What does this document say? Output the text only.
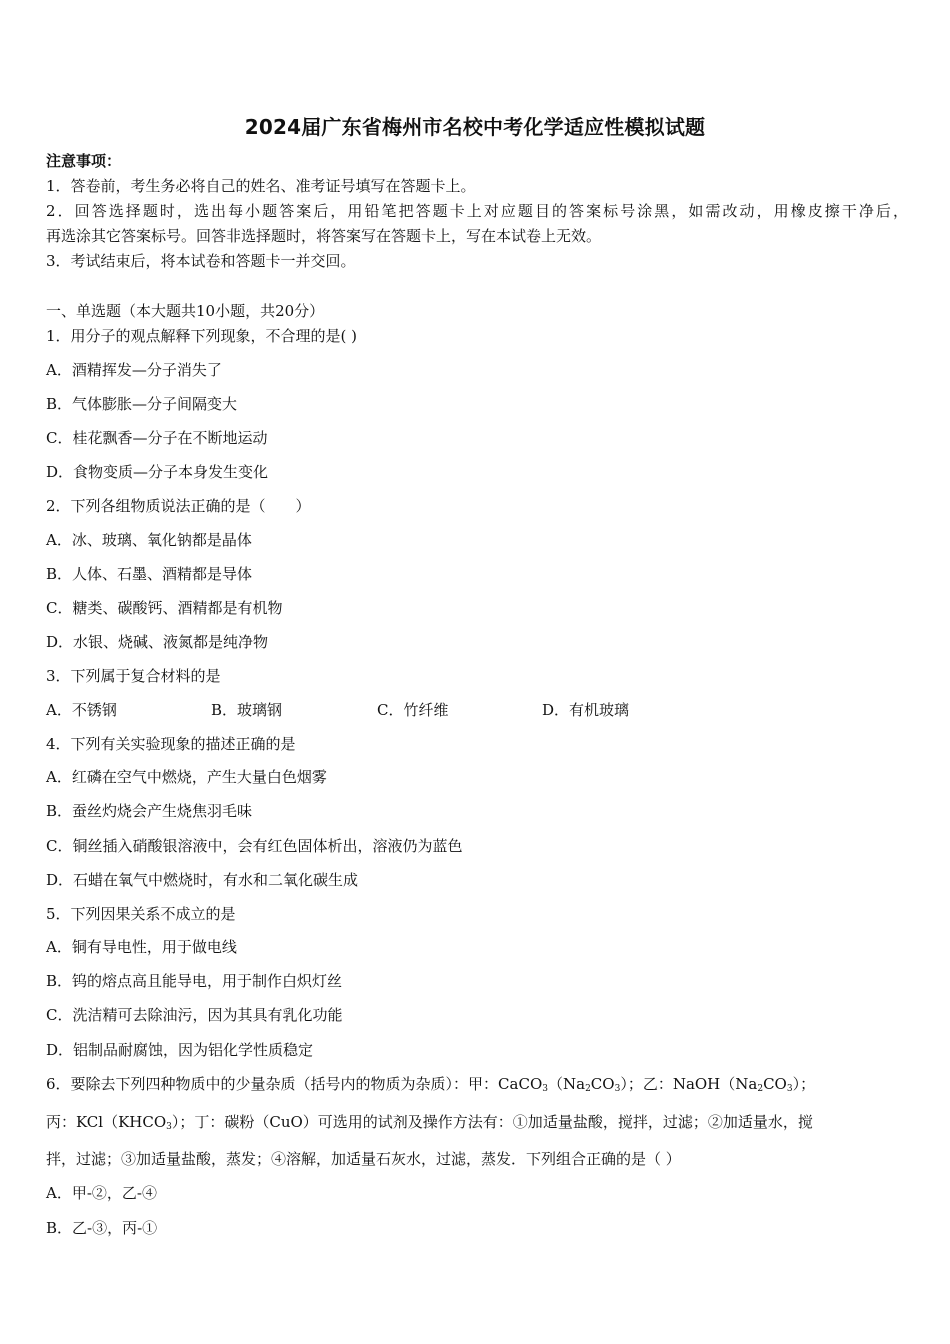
2024届广东省梅州市名校中考化学适应性模拟试题
注意事项：
1．答卷前，考生务必将自己的姓名、准考证号填写在答题卡上。
2．回答选择题时，选出每小题答案后，用铅笔把答题卡上对应题目的答案标号涂黑，如需改动，用橡皮擦干净后，
再选涂其它答案标号。回答非选择题时，将答案写在答题卡上，写在本试卷上无效。
3．考试结束后，将本试卷和答题卡一并交回。
一、单选题（本大题共10小题，共20分）
1．用分子的观点解释下列现象，不合理的是( )
A．酒精挥发—分子消失了
B．气体膨胀—分子间隔变大
C．桂花飘香—分子在不断地运动
D．食物变质—分子本身发生变化
2．下列各组物质说法正确的是（　　）
A．冰、玻璃、氧化钠都是晶体
B．人体、石墨、酒精都是导体
C．糖类、碳酸钙、酒精都是有机物
D．水银、烧碱、液氮都是纯净物
3．下列属于复合材料的是
A．不锈钢	B．玻璃钢	C．竹纤维	D．有机玻璃
4．下列有关实验现象的描述正确的是
A．红磷在空气中燃烧，产生大量白色烟雾
B．蚕丝灼烧会产生烧焦羽毛味
C．铜丝插入硝酸银溶液中，会有红色固体析出，溶液仍为蓝色
D．石蜡在氧气中燃烧时，有水和二氧化碳生成
5．下列因果关系不成立的是
A．铜有导电性，用于做电线
B．钨的熔点高且能导电，用于制作白炽灯丝
C．洗洁精可去除油污，因为其具有乳化功能
D．铝制品耐腐蚀，因为铝化学性质稳定
6．要除去下列四种物质中的少量杂质（括号内的物质为杂质）：甲：$CaCO_3(Na_2CO_3)$；乙：$NaOH(Na_2CO_3)$；
丙：$KCl(KHCO_3)$；丁：碳粉（CuO）可选用的试剂及操作方法有：①加适量盐酸，搅拌，过滤；②加适量水，搅
拌，过滤；③加适量盐酸，蒸发；④溶解，加适量石灰水，过滤，蒸发．下列组合正确的是（ ）
A．甲-②，乙-④
B．乙-③，丙-①
